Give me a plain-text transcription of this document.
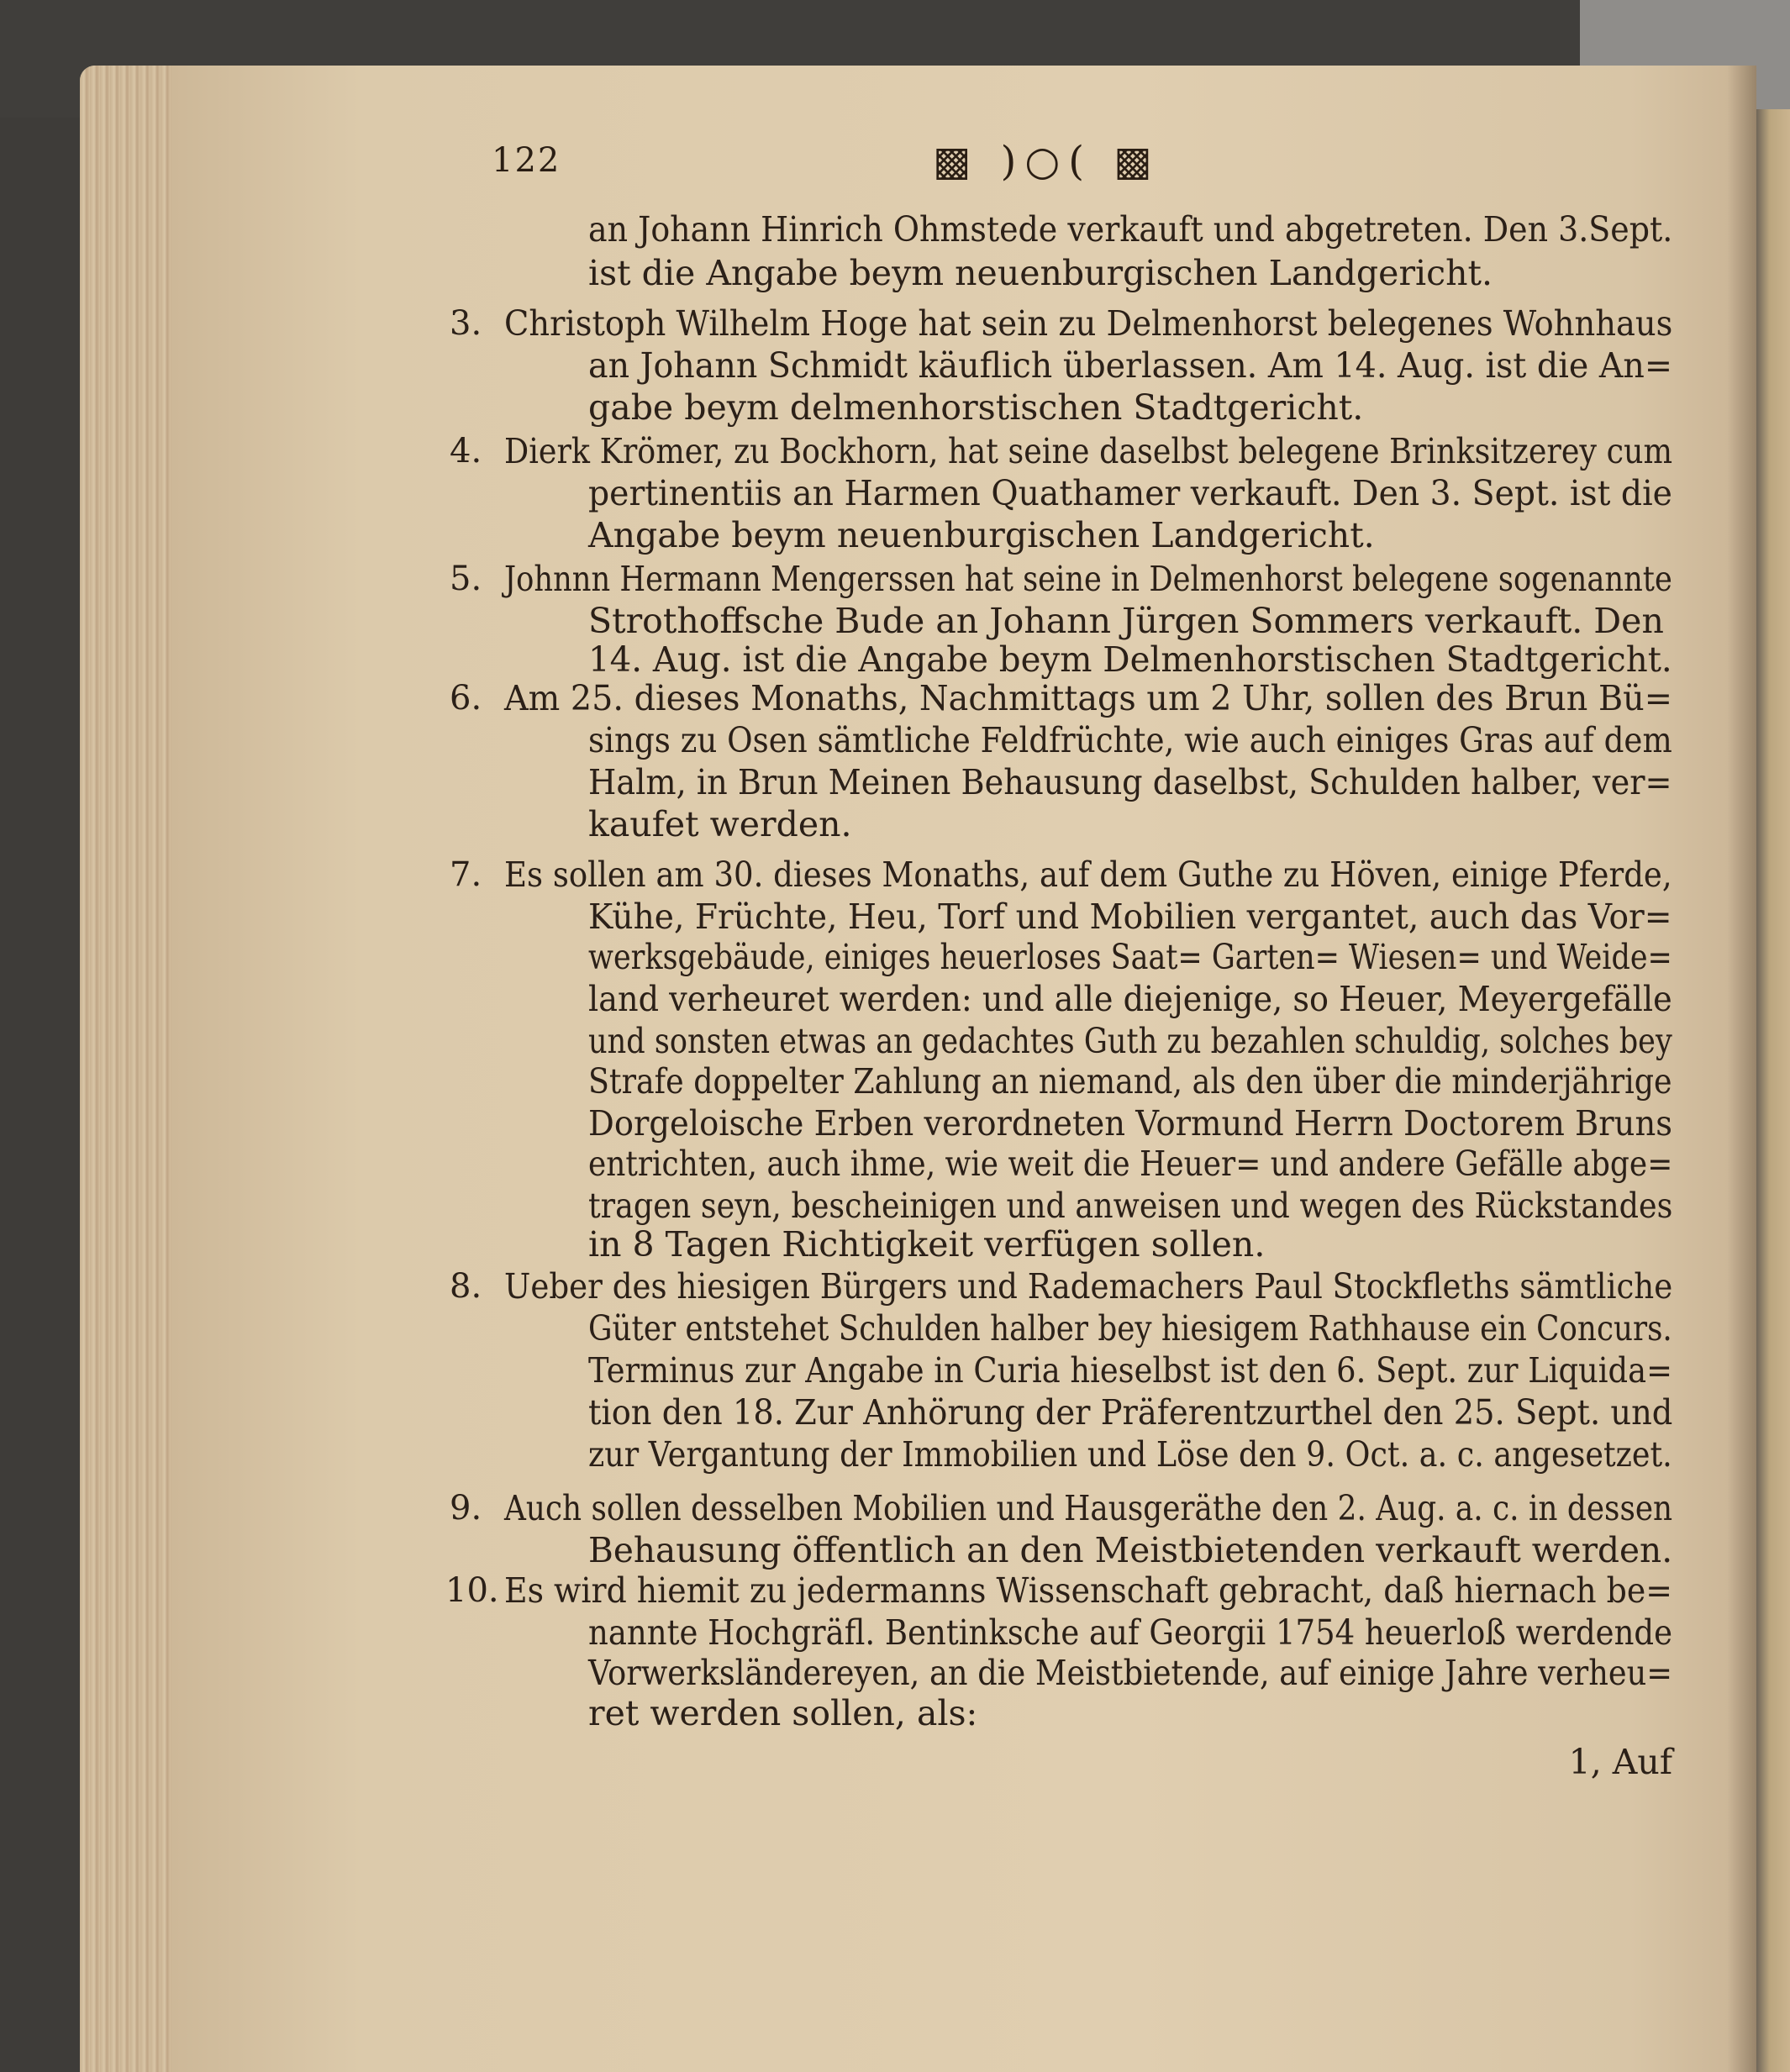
122	▩ )○( ▩
3.
4.
5.
6.
7.
8.
9.
10.
an Johann Hinrich Ohmstede verkauft und abgetreten. Den 3.Sept.
ist die Angabe beym neuenburgischen Landgericht.
Christoph Wilhelm Hoge hat sein zu Delmenhorst belegenes Wohnhaus
an Johann Schmidt käuflich überlassen. Am 14. Aug. ist die An=
gabe beym delmenhorstischen Stadtgericht.
Dierk Krömer, zu Bockhorn, hat seine daselbst belegene Brinksitzerey cum
pertinentiis an Harmen Quathamer verkauft. Den 3. Sept. ist die
Angabe beym neuenburgischen Landgericht.
Johnnn Hermann Mengerssen hat seine in Delmenhorst belegene sogenannte
Strothoffsche Bude an Johann Jürgen Sommers verkauft. Den
14. Aug. ist die Angabe beym Delmenhorstischen Stadtgericht.
Am 25. dieses Monaths, Nachmittags um 2 Uhr, sollen des Brun Bü=
sings zu Osen sämtliche Feldfrüchte, wie auch einiges Gras auf dem
Halm, in Brun Meinen Behausung daselbst, Schulden halber, ver=
kaufet werden.
Es sollen am 30. dieses Monaths, auf dem Guthe zu Höven, einige Pferde,
Kühe, Früchte, Heu, Torf und Mobilien vergantet, auch das Vor=
werksgebäude, einiges heuerloses Saat= Garten= Wiesen= und Weide=
land verheuret werden: und alle diejenige, so Heuer, Meyergefälle
und sonsten etwas an gedachtes Guth zu bezahlen schuldig, solches bey
Strafe doppelter Zahlung an niemand, als den über die minderjährige
Dorgeloische Erben verordneten Vormund Herrn Doctorem Bruns
entrichten, auch ihme, wie weit die Heuer= und andere Gefälle abge=
tragen seyn, bescheinigen und anweisen und wegen des Rückstandes
in 8 Tagen Richtigkeit verfügen sollen.
Ueber des hiesigen Bürgers und Rademachers Paul Stockfleths sämtliche
Güter entstehet Schulden halber bey hiesigem Rathhause ein Concurs.
Terminus zur Angabe in Curia hieselbst ist den 6. Sept. zur Liquida=
tion den 18. Zur Anhörung der Präferentzurthel den 25. Sept. und
zur Vergantung der Immobilien und Löse den 9. Oct. a. c. angesetzet.
Auch sollen desselben Mobilien und Hausgeräthe den 2. Aug. a. c. in dessen
Behausung öffentlich an den Meistbietenden verkauft werden.
Es wird hiemit zu jedermanns Wissenschaft gebracht, daß hiernach be=
nannte Hochgräfl. Bentinksche auf Georgii 1754 heuerloß werdende
Vorwerksländereyen, an die Meistbietende, auf einige Jahre verheu=
ret werden sollen, als:
1, Auf
